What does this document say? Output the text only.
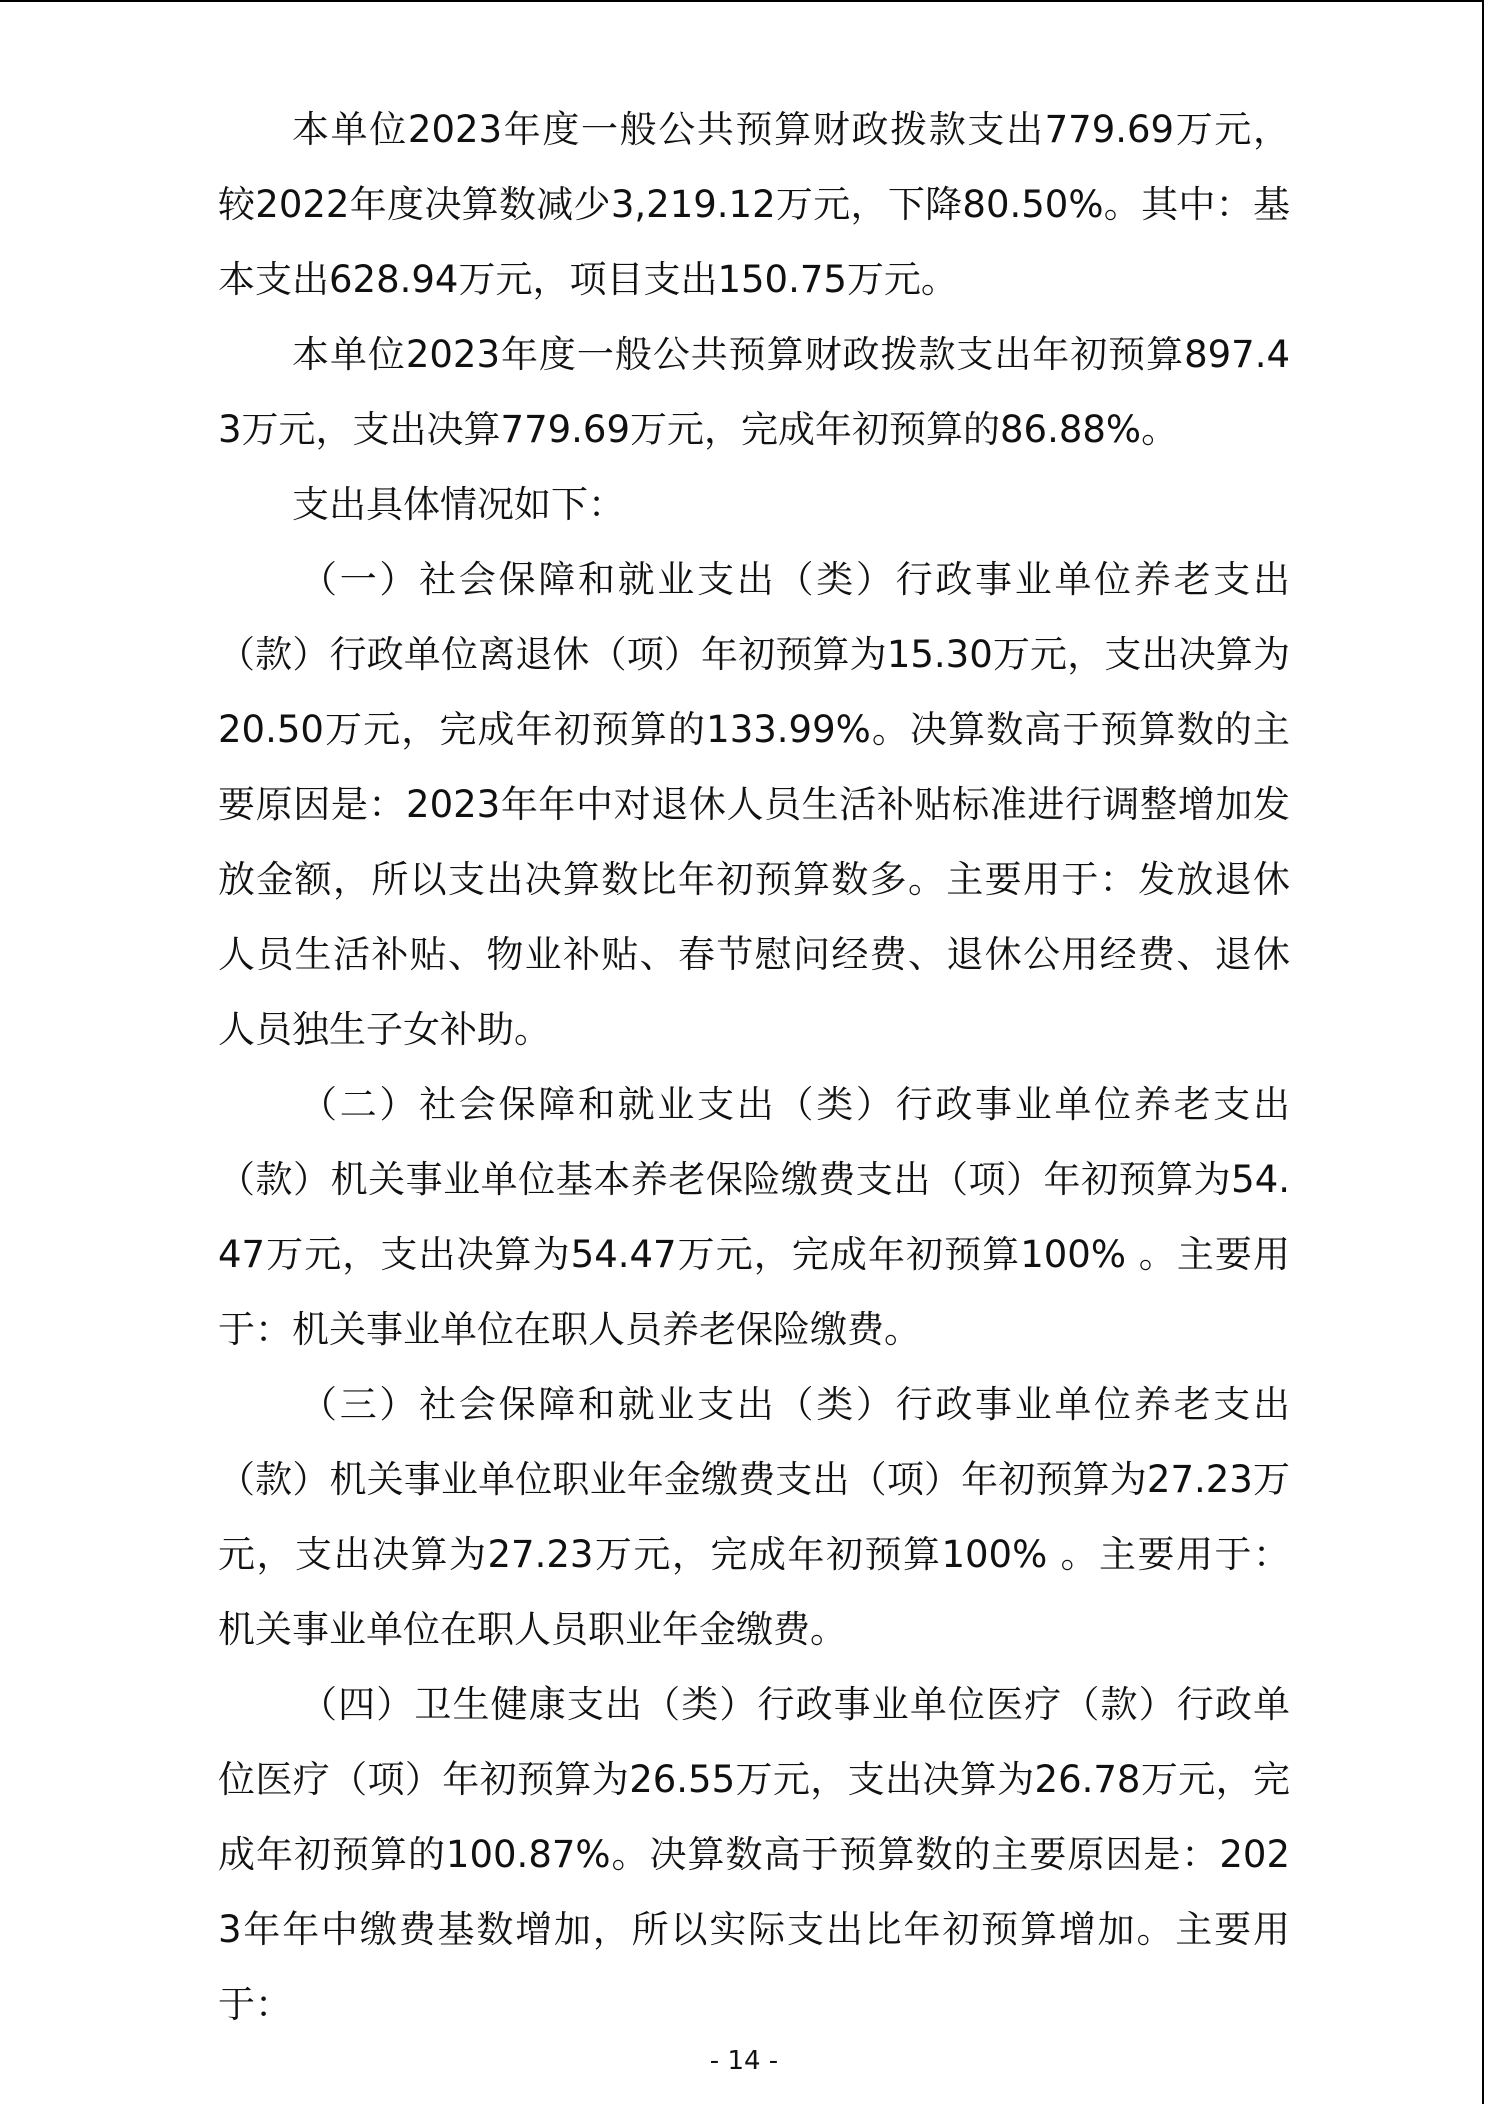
本单位2023年度一般公共预算财政拨款支出779.69万元，较2022年度决算数减少3,219.12万元，下降80.50%。其中：基本支出628.94万元，项目支出150.75万元。

本单位2023年度一般公共预算财政拨款支出年初预算897.43万元，支出决算779.69万元，完成年初预算的86.88%。

支出具体情况如下：

（一）社会保障和就业支出（类）行政事业单位养老支出（款）行政单位离退休（项）年初预算为15.30万元，支出决算为20.50万元，完成年初预算的133.99%。决算数高于预算数的主要原因是：2023年年中对退休人员生活补贴标准进行调整增加发放金额，所以支出决算数比年初预算数多。主要用于：发放退休人员生活补贴、物业补贴、春节慰问经费、退休公用经费、退休人员独生子女补助。

（二）社会保障和就业支出（类）行政事业单位养老支出（款）机关事业单位基本养老保险缴费支出（项）年初预算为54.47万元，支出决算为54.47万元，完成年初预算100% 。主要用于：机关事业单位在职人员养老保险缴费。

（三）社会保障和就业支出（类）行政事业单位养老支出（款）机关事业单位职业年金缴费支出（项）年初预算为27.23万元，支出决算为27.23万元，完成年初预算100% 。主要用于：机关事业单位在职人员职业年金缴费。

（四）卫生健康支出（类）行政事业单位医疗（款）行政单位医疗（项）年初预算为26.55万元，支出决算为26.78万元，完成年初预算的100.87%。决算数高于预算数的主要原因是：2023年年中缴费基数增加，所以实际支出比年初预算增加。主要用于：

- 14 -
